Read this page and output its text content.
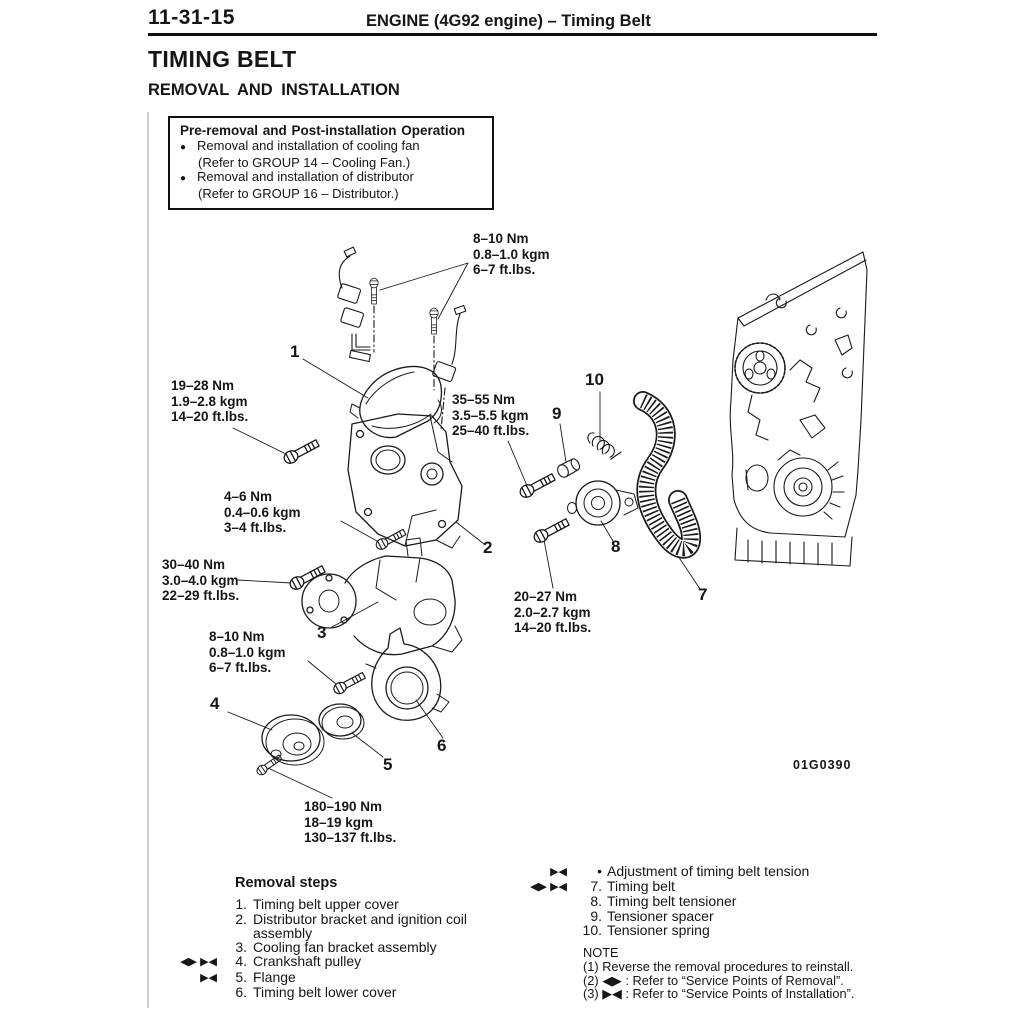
11-31-15	ENGINE (4G92 engine) – Timing Belt
TIMING BELT
REMOVAL AND INSTALLATION
Pre-removal and Post-installation Operation
● Removal and installation of cooling fan
(Refer to GROUP 14 – Cooling Fan.)
● Removal and installation of distributor
(Refer to GROUP 16 – Distributor.)
8–10 Nm
0.8–1.0 kgm
6–7 ft.lbs.
19–28 Nm
1.9–2.8 kgm
14–20 ft.lbs.
35–55 Nm
3.5–5.5 kgm
25–40 ft.lbs.
4–6 Nm
0.4–0.6 kgm
3–4 ft.lbs.
30–40 Nm
3.0–4.0 kgm
22–29 ft.lbs.
8–10 Nm
0.8–1.0 kgm
6–7 ft.lbs.
20–27 Nm
2.0–2.7 kgm
14–20 ft.lbs.
180–190 Nm
18–19 kgm
130–137 ft.lbs.
1
2
3
4
5
6
7
8
9
10
01G0390
Removal steps
1. Timing belt upper cover
2. Distributor bracket and ignition coil assembly
3. Cooling fan bracket assembly
◀▶ ▶◀	4. Crankshaft pulley
▶◀	5. Flange
6. Timing belt lower cover
▶◀	• Adjustment of timing belt tension
◀▶ ▶◀	7. Timing belt
8. Timing belt tensioner
9. Tensioner spacer
10. Tensioner spring
NOTE
(1) Reverse the removal procedures to reinstall.
(2) ◀▶ : Refer to “Service Points of Removal”.
(3) ▶◀ : Refer to “Service Points of Installation”.
